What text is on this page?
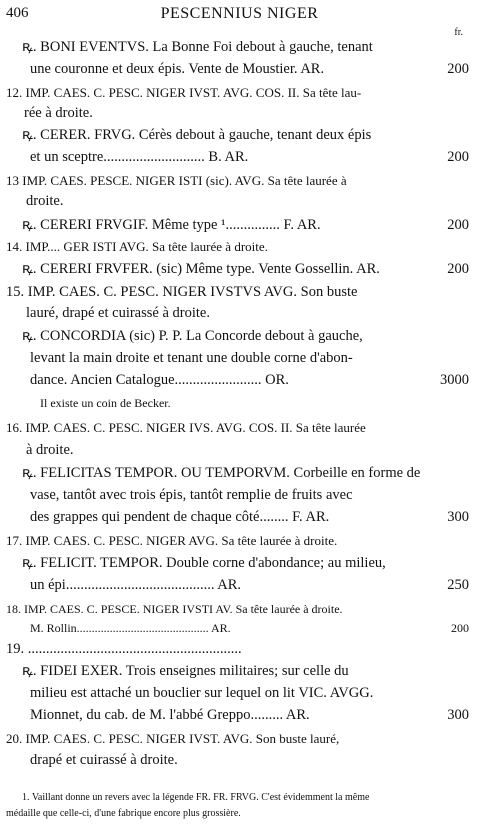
406	PESCENNIUS NIGER
fr.
ꝶ. BONI EVENTVS. La Bonne Foi debout à gauche, tenant
une couronne et deux épis. Vente de Moustier. AR.	200
12. IMP. CAES. C. PESC. NIGER IVST. AVG. COS. II. Sa tête lau-
rée à droite.
ꝶ. CERER. FRVG. Cérès debout à gauche, tenant deux épis
et un sceptre............................ B. AR.	200
13 IMP. CAES. PESCE. NIGER ISTI (sic). AVG. Sa tête laurée à
droite.
ꝶ. CERERI FRVGIF. Même type ¹............... F. AR.	200
14. IMP.... GER ISTI AVG. Sa tête laurée à droite.
ꝶ. CERERI FRVFER. (sic) Même type. Vente Gossellin. AR.	200
15. IMP. CAES. C. PESC. NIGER IVSTVS AVG. Son buste
lauré, drapé et cuirassé à droite.
ꝶ. CONCORDIA (sic) P. P. La Concorde debout à gauche,
levant la main droite et tenant une double corne d'abon-
dance. Ancien Catalogue........................ OR.	3000
Il existe un coin de Becker.
16. IMP. CAES. C. PESC. NIGER IVS. AVG. COS. II. Sa tête laurée
à droite.
ꝶ. FELICITAS TEMPOR. OU TEMPORVM. Corbeille en forme de
vase, tantôt avec trois épis, tantôt remplie de fruits avec
des grappes qui pendent de chaque côté........ F. AR.	300
17. IMP. CAES. C. PESC. NIGER AVG. Sa tête laurée à droite.
ꝶ. FELICIT. TEMPOR. Double corne d'abondance; au milieu,
un épi......................................... AR.	250
18. IMP. CAES. C. PESCE. NIGER IVSTI AV. Sa tête laurée à droite.
M. Rollin............................................ AR.	200
19. ...........................................................
ꝶ. FIDEI EXER. Trois enseignes militaires; sur celle du
milieu est attaché un bouclier sur lequel on lit VIC. AVGG.
Mionnet, du cab. de M. l'abbé Greppo......... AR.	300
20. IMP. CAES. C. PESC. NIGER IVST. AVG. Son buste lauré,
drapé et cuirassé à droite.
1. Vaillant donne un revers avec la légende FR. FR. FRVG. C'est évidemment la même
médaille que celle-ci, d'une fabrique encore plus grossière.
